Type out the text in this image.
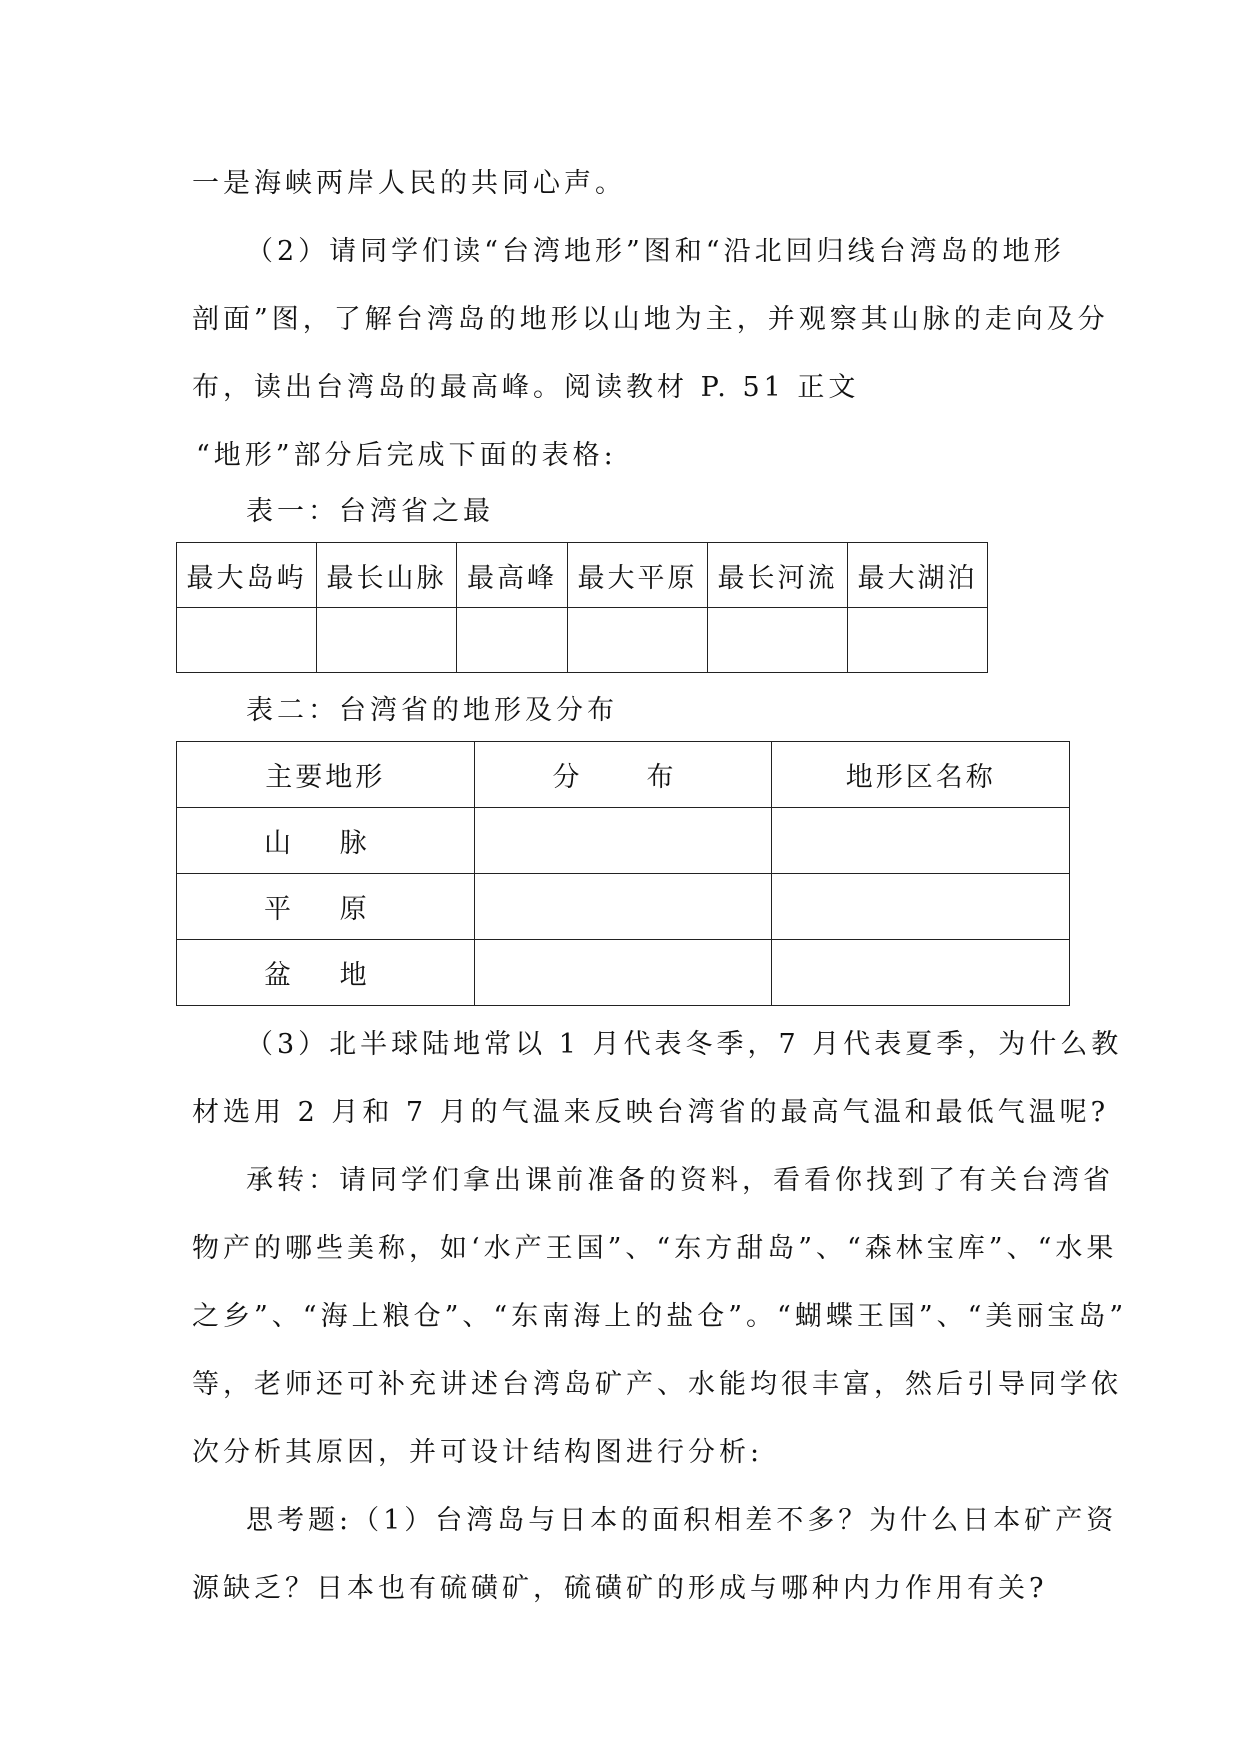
一是海峡两岸人民的共同心声。
（2）请同学们读“台湾地形”图和“沿北回归线台湾岛的地形
剖面”图，了解台湾岛的地形以山地为主，并观察其山脉的走向及分
布，读出台湾岛的最高峰。阅读教材 P. 51 正文
“地形”部分后完成下面的表格:
表一：台湾省之最
最大岛屿	最长山脉	最高峰	最大平原	最长河流	最大湖泊

表二：台湾省的地形及分布
主要地形	分　布	地形区名称
山 脉		
平 原		
盆 地		
（3）北半球陆地常以 1 月代表冬季，7 月代表夏季，为什么教
材选用 2 月和 7 月的气温来反映台湾省的最高气温和最低气温呢?
承转：请同学们拿出课前准备的资料，看看你找到了有关台湾省
物产的哪些美称，如‘水产王国”、“东方甜岛”、“森林宝库”、“水果
之乡”、“海上粮仓”、“东南海上的盐仓”。“蝴蝶王国”、“美丽宝岛”
等，老师还可补充讲述台湾岛矿产、水能均很丰富，然后引导同学依
次分析其原因，并可设计结构图进行分析:
思考题:（1）台湾岛与日本的面积相差不多？为什么日本矿产资
源缺乏？日本也有硫磺矿，硫磺矿的形成与哪种内力作用有关?
